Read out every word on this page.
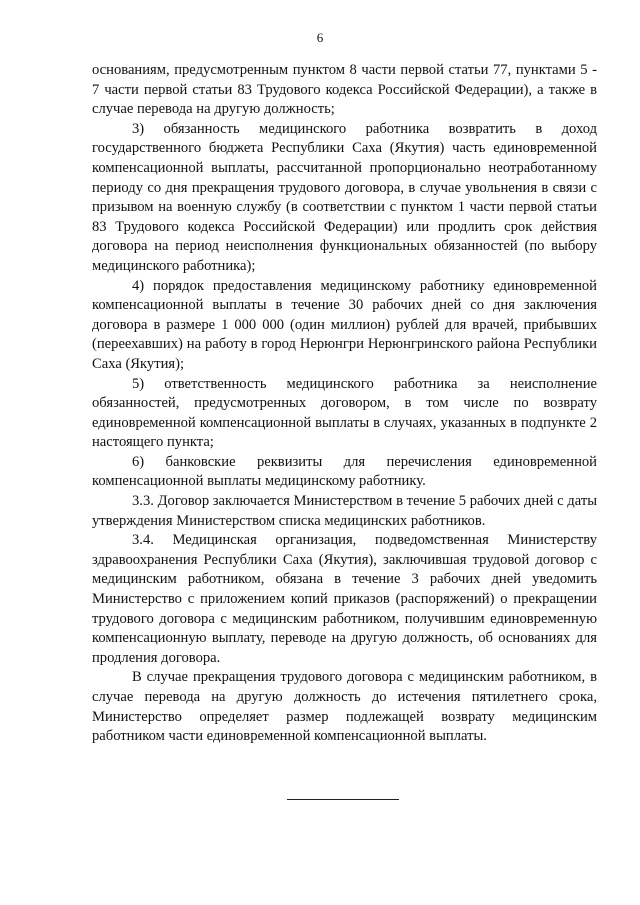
6

основаниям, предусмотренным пунктом 8 части первой статьи 77, пунктами 5 - 7 части первой статьи 83 Трудового кодекса Российской Федерации), а также в случае перевода на другую должность;

3) обязанность медицинского работника возвратить в доход государственного бюджета Республики Саха (Якутия) часть единовременной компенсационной выплаты, рассчитанной пропорционально неотработанному периоду со дня прекращения трудового договора, в случае увольнения в связи с призывом на военную службу (в соответствии с пунктом 1 части первой статьи 83 Трудового кодекса Российской Федерации) или продлить срок действия договора на период неисполнения функциональных обязанностей (по выбору медицинского работника);

4) порядок предоставления медицинскому работнику единовременной компенсационной выплаты в течение 30 рабочих дней со дня заключения договора в размере 1 000 000 (один миллион) рублей для врачей, прибывших (переехавших) на работу в город Нерюнгри Нерюнгринского района Республики Саха (Якутия);

5) ответственность медицинского работника за неисполнение обязанностей, предусмотренных договором, в том числе по возврату единовременной компенсационной выплаты в случаях, указанных в подпункте 2 настоящего пункта;

6) банковские реквизиты для перечисления единовременной компенсационной выплаты медицинскому работнику.

3.3. Договор заключается Министерством в течение 5 рабочих дней с даты утверждения Министерством списка медицинских работников.

3.4. Медицинская организация, подведомственная Министерству здравоохранения Республики Саха (Якутия), заключившая трудовой договор с медицинским работником, обязана в течение 3 рабочих дней уведомить Министерство с приложением копий приказов (распоряжений) о прекращении трудового договора с медицинским работником, получившим единовременную компенсационную выплату, переводе на другую должность, об основаниях для продления договора.

В случае прекращения трудового договора с медицинским работником, в случае перевода на другую должность до истечения пятилетнего срока, Министерство определяет размер подлежащей возврату медицинским работником части единовременной компенсационной выплаты.
